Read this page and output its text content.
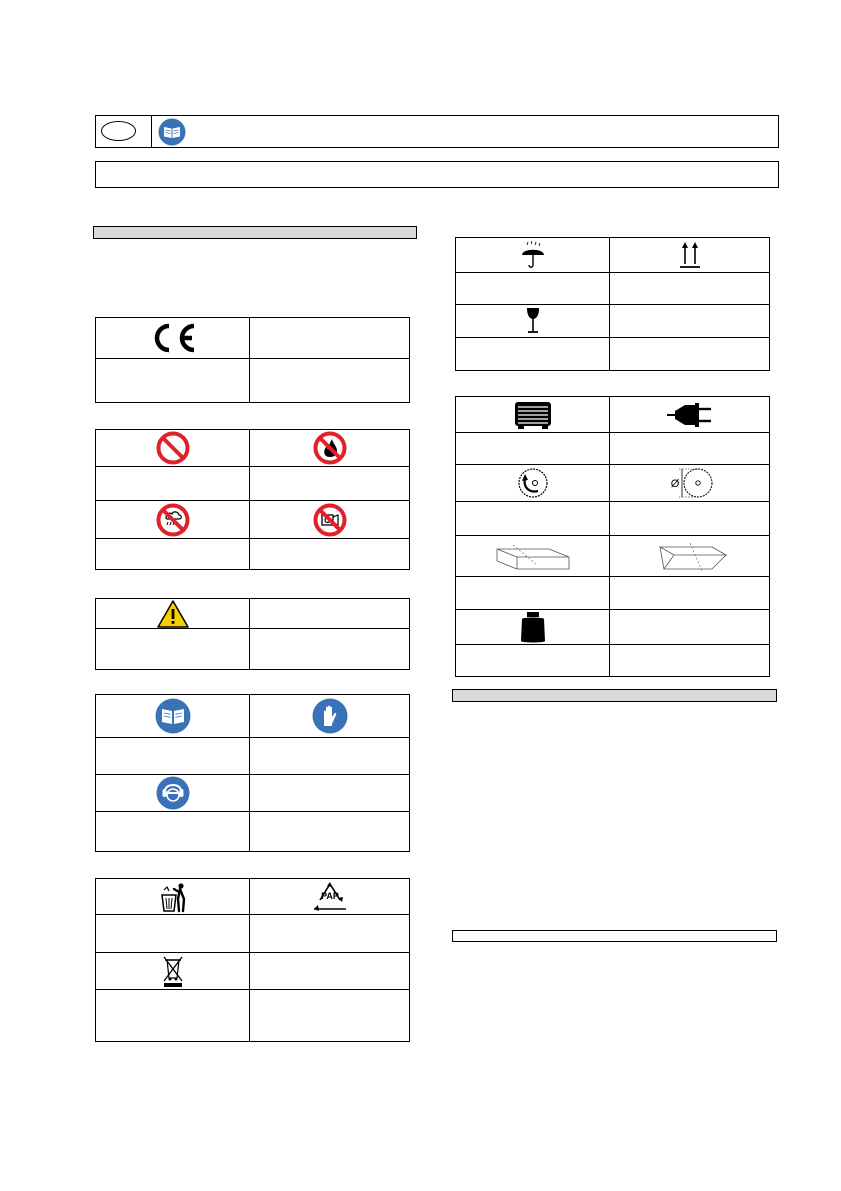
PAP

Ø
